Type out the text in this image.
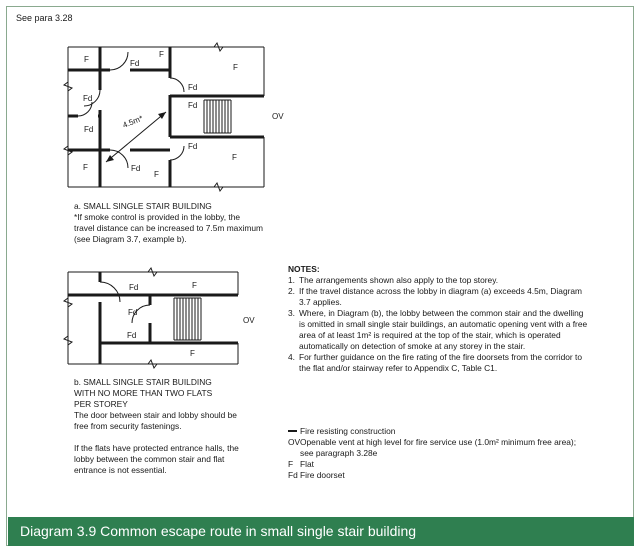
See para 3.28
F	Fd
F
F
Fd
Fd
Fd
4.5m*
Fd
Fd
F
F	Fd
F
OV
a. SMALL SINGLE STAIR BUILDING
*If smoke control is provided in the lobby, the
travel distance can be increased to 7.5m maximum
(see Diagram 3.7, example b).
Fd	F
Fd
Fd
F
OV
b. SMALL SINGLE STAIR BUILDING
WITH NO MORE THAN TWO FLATS
PER STOREY
The door between stair and lobby should be
free from security fastenings.
If the flats have protected entrance halls, the
lobby between the common stair and flat
entrance is not essential.
NOTES:
1. The arrangements shown also apply to the top storey.
2. If the travel distance across the lobby in diagram (a) exceeds 4.5m, Diagram 3.7 applies.
3. Where, in Diagram (b), the lobby between the common stair and the dwelling is omitted in small single stair buildings, an automatic opening vent with a free area of at least 1m² is required at the top of the stair, which is operated automatically on detection of smoke at any storey in the stair.
4. For further guidance on the fire rating of the fire doorsets from the corridor to the flat and/or stairway refer to Appendix C, Table C1.
Fire resisting construction
OV Openable vent at high level for fire service use (1.0m² minimum free area); see paragraph 3.28e
F Flat
Fd Fire doorset
Diagram 3.9 Common escape route in small single stair building
